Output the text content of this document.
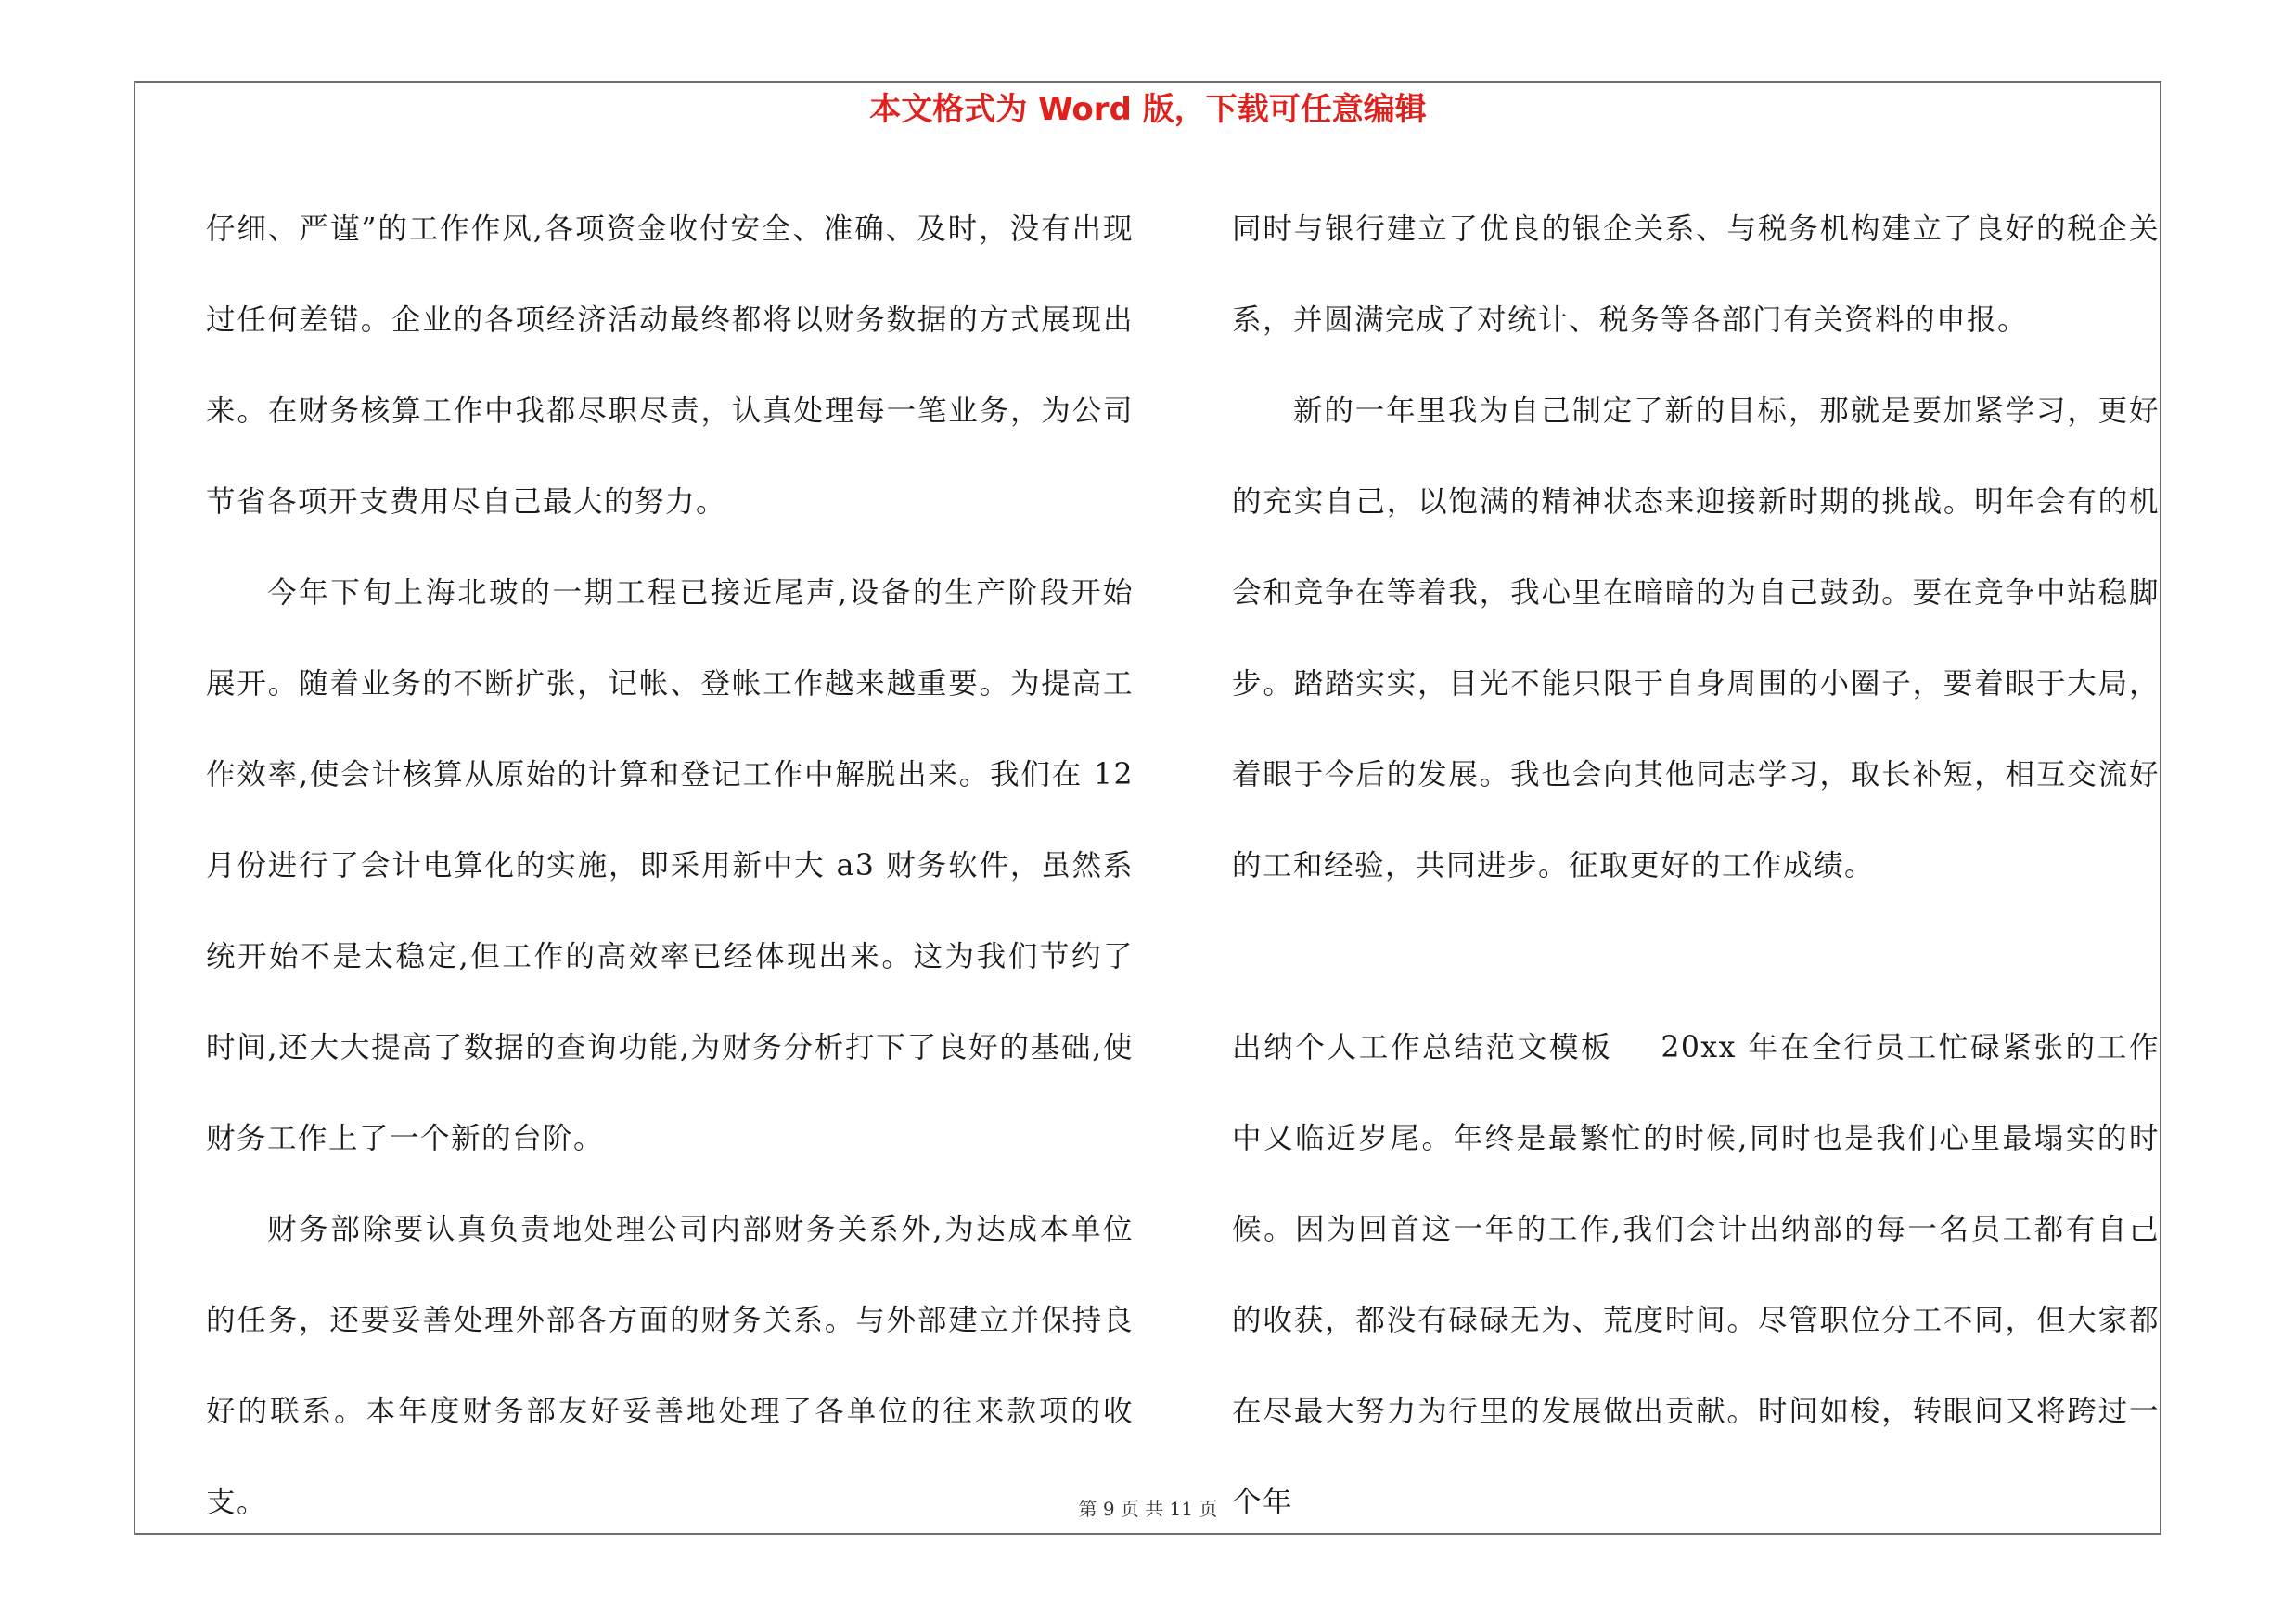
本文格式为 Word 版，下载可任意编辑

仔细、严谨”的工作作风,各项资金收付安全、准确、及时，没有出现过任何差错。企业的各项经济活动最终都将以财务数据的方式展现出来。在财务核算工作中我都尽职尽责，认真处理每一笔业务，为公司节省各项开支费用尽自己最大的努力。

今年下旬上海北玻的一期工程已接近尾声,设备的生产阶段开始展开。随着业务的不断扩张，记帐、登帐工作越来越重要。为提高工作效率,使会计核算从原始的计算和登记工作中解脱出来。我们在 12 月份进行了会计电算化的实施，即采用新中大 a3 财务软件，虽然系统开始不是太稳定,但工作的高效率已经体现出来。这为我们节约了时间,还大大提高了数据的查询功能,为财务分析打下了良好的基础,使财务工作上了一个新的台阶。

财务部除要认真负责地处理公司内部财务关系外,为达成本单位的任务，还要妥善处理外部各方面的财务关系。与外部建立并保持良好的联系。本年度财务部友好妥善地处理了各单位的往来款项的收支。

同时与银行建立了优良的银企关系、与税务机构建立了良好的税企关系，并圆满完成了对统计、税务等各部门有关资料的申报。

新的一年里我为自己制定了新的目标，那就是要加紧学习，更好的充实自己，以饱满的精神状态来迎接新时期的挑战。明年会有的机会和竞争在等着我，我心里在暗暗的为自己鼓劲。要在竞争中站稳脚步。踏踏实实，目光不能只限于自身周围的小圈子，要着眼于大局，着眼于今后的发展。我也会向其他同志学习，取长补短，相互交流好的工和经验，共同进步。征取更好的工作成绩。

出纳个人工作总结范文模板 20xx 年在全行员工忙碌紧张的工作中又临近岁尾。年终是最繁忙的时候,同时也是我们心里最塌实的时候。因为回首这一年的工作,我们会计出纳部的每一名员工都有自己的收获，都没有碌碌无为、荒度时间。尽管职位分工不同，但大家都在尽最大努力为行里的发展做出贡献。时间如梭，转眼间又将跨过一个年

第 9 页 共 11 页
